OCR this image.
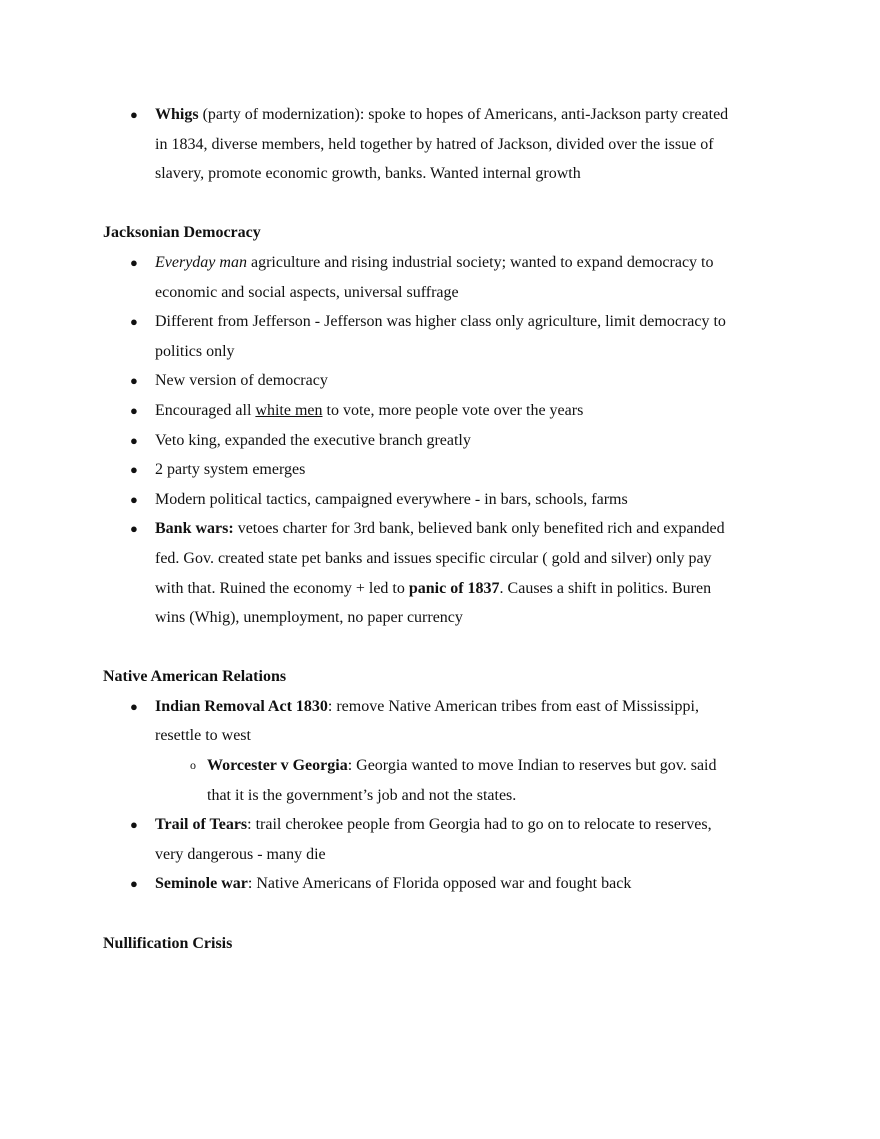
● Whigs (party of modernization): spoke to hopes of Americans, anti-Jackson party created
in 1834, diverse members, held together by hatred of Jackson, divided over the issue of
slavery, promote economic growth, banks. Wanted internal growth
Jacksonian Democracy
● Everyday man agriculture and rising industrial society; wanted to expand democracy to
economic and social aspects, universal suffrage
● Different from Jefferson - Jefferson was higher class only agriculture, limit democracy to
politics only
● New version of democracy
● Encouraged all white men to vote, more people vote over the years
● Veto king, expanded the executive branch greatly
● 2 party system emerges
● Modern political tactics, campaigned everywhere - in bars, schools, farms
● Bank wars: vetoes charter for 3rd bank, believed bank only benefited rich and expanded
fed. Gov. created state pet banks and issues specific circular ( gold and silver) only pay
with that. Ruined the economy + led to panic of 1837. Causes a shift in politics. Buren
wins (Whig), unemployment, no paper currency
Native American Relations
● Indian Removal Act 1830: remove Native American tribes from east of Mississippi,
resettle to west
o Worcester v Georgia: Georgia wanted to move Indian to reserves but gov. said
that it is the government’s job and not the states.
● Trail of Tears: trail cherokee people from Georgia had to go on to relocate to reserves,
very dangerous - many die
● Seminole war: Native Americans of Florida opposed war and fought back
Nullification Crisis
